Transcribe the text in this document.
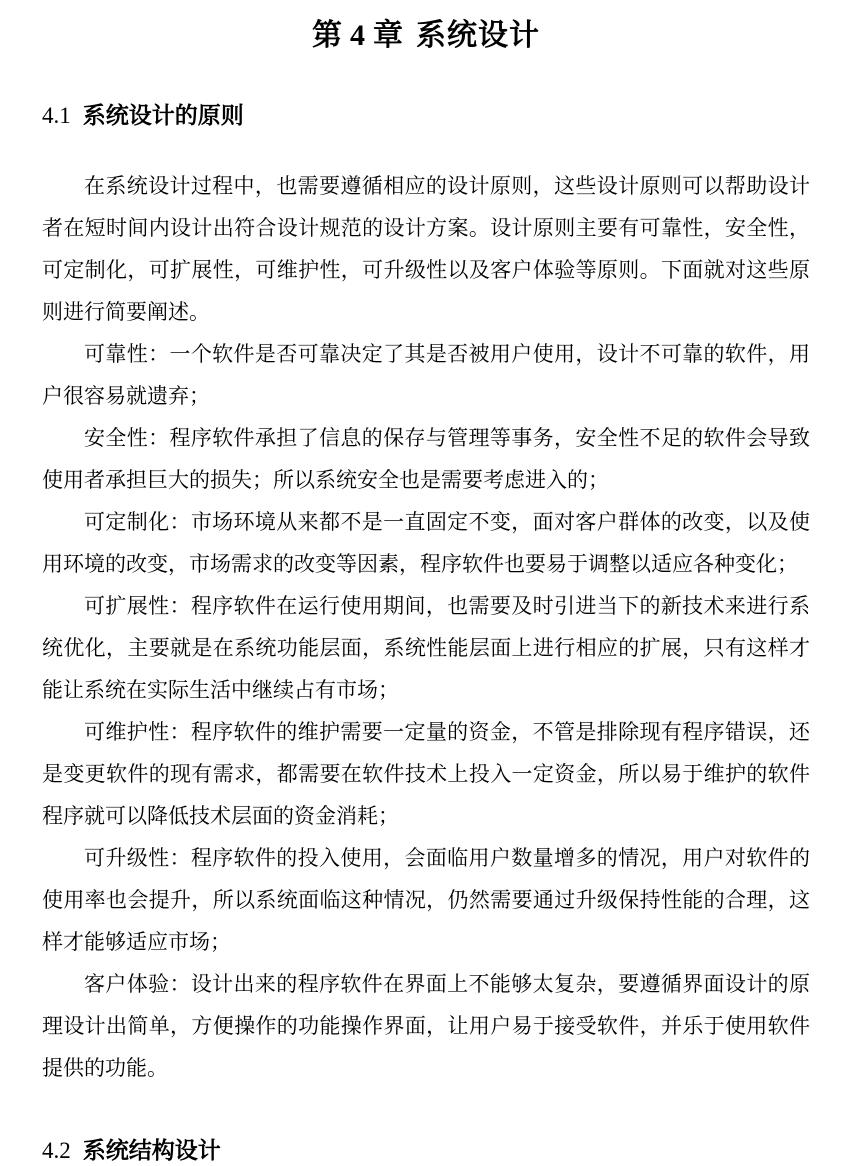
第 4 章 系统设计
4.1 系统设计的原则

在系统设计过程中，也需要遵循相应的设计原则，这些设计原则可以帮助设计者在短时间内设计出符合设计规范的设计方案。设计原则主要有可靠性，安全性，可定制化，可扩展性，可维护性，可升级性以及客户体验等原则。下面就对这些原则进行简要阐述。

可靠性：一个软件是否可靠决定了其是否被用户使用，设计不可靠的软件，用户很容易就遗弃；

安全性：程序软件承担了信息的保存与管理等事务，安全性不足的软件会导致使用者承担巨大的损失；所以系统安全也是需要考虑进入的；

可定制化：市场环境从来都不是一直固定不变，面对客户群体的改变，以及使用环境的改变，市场需求的改变等因素，程序软件也要易于调整以适应各种变化；

可扩展性：程序软件在运行使用期间，也需要及时引进当下的新技术来进行系统优化，主要就是在系统功能层面，系统性能层面上进行相应的扩展，只有这样才能让系统在实际生活中继续占有市场；

可维护性：程序软件的维护需要一定量的资金，不管是排除现有程序错误，还是变更软件的现有需求，都需要在软件技术上投入一定资金，所以易于维护的软件程序就可以降低技术层面的资金消耗；

可升级性：程序软件的投入使用，会面临用户数量增多的情况，用户对软件的使用率也会提升，所以系统面临这种情况，仍然需要通过升级保持性能的合理，这样才能够适应市场；

客户体验：设计出来的程序软件在界面上不能够太复杂，要遵循界面设计的原理设计出简单，方便操作的功能操作界面，让用户易于接受软件，并乐于使用软件提供的功能。

4.2 系统结构设计
